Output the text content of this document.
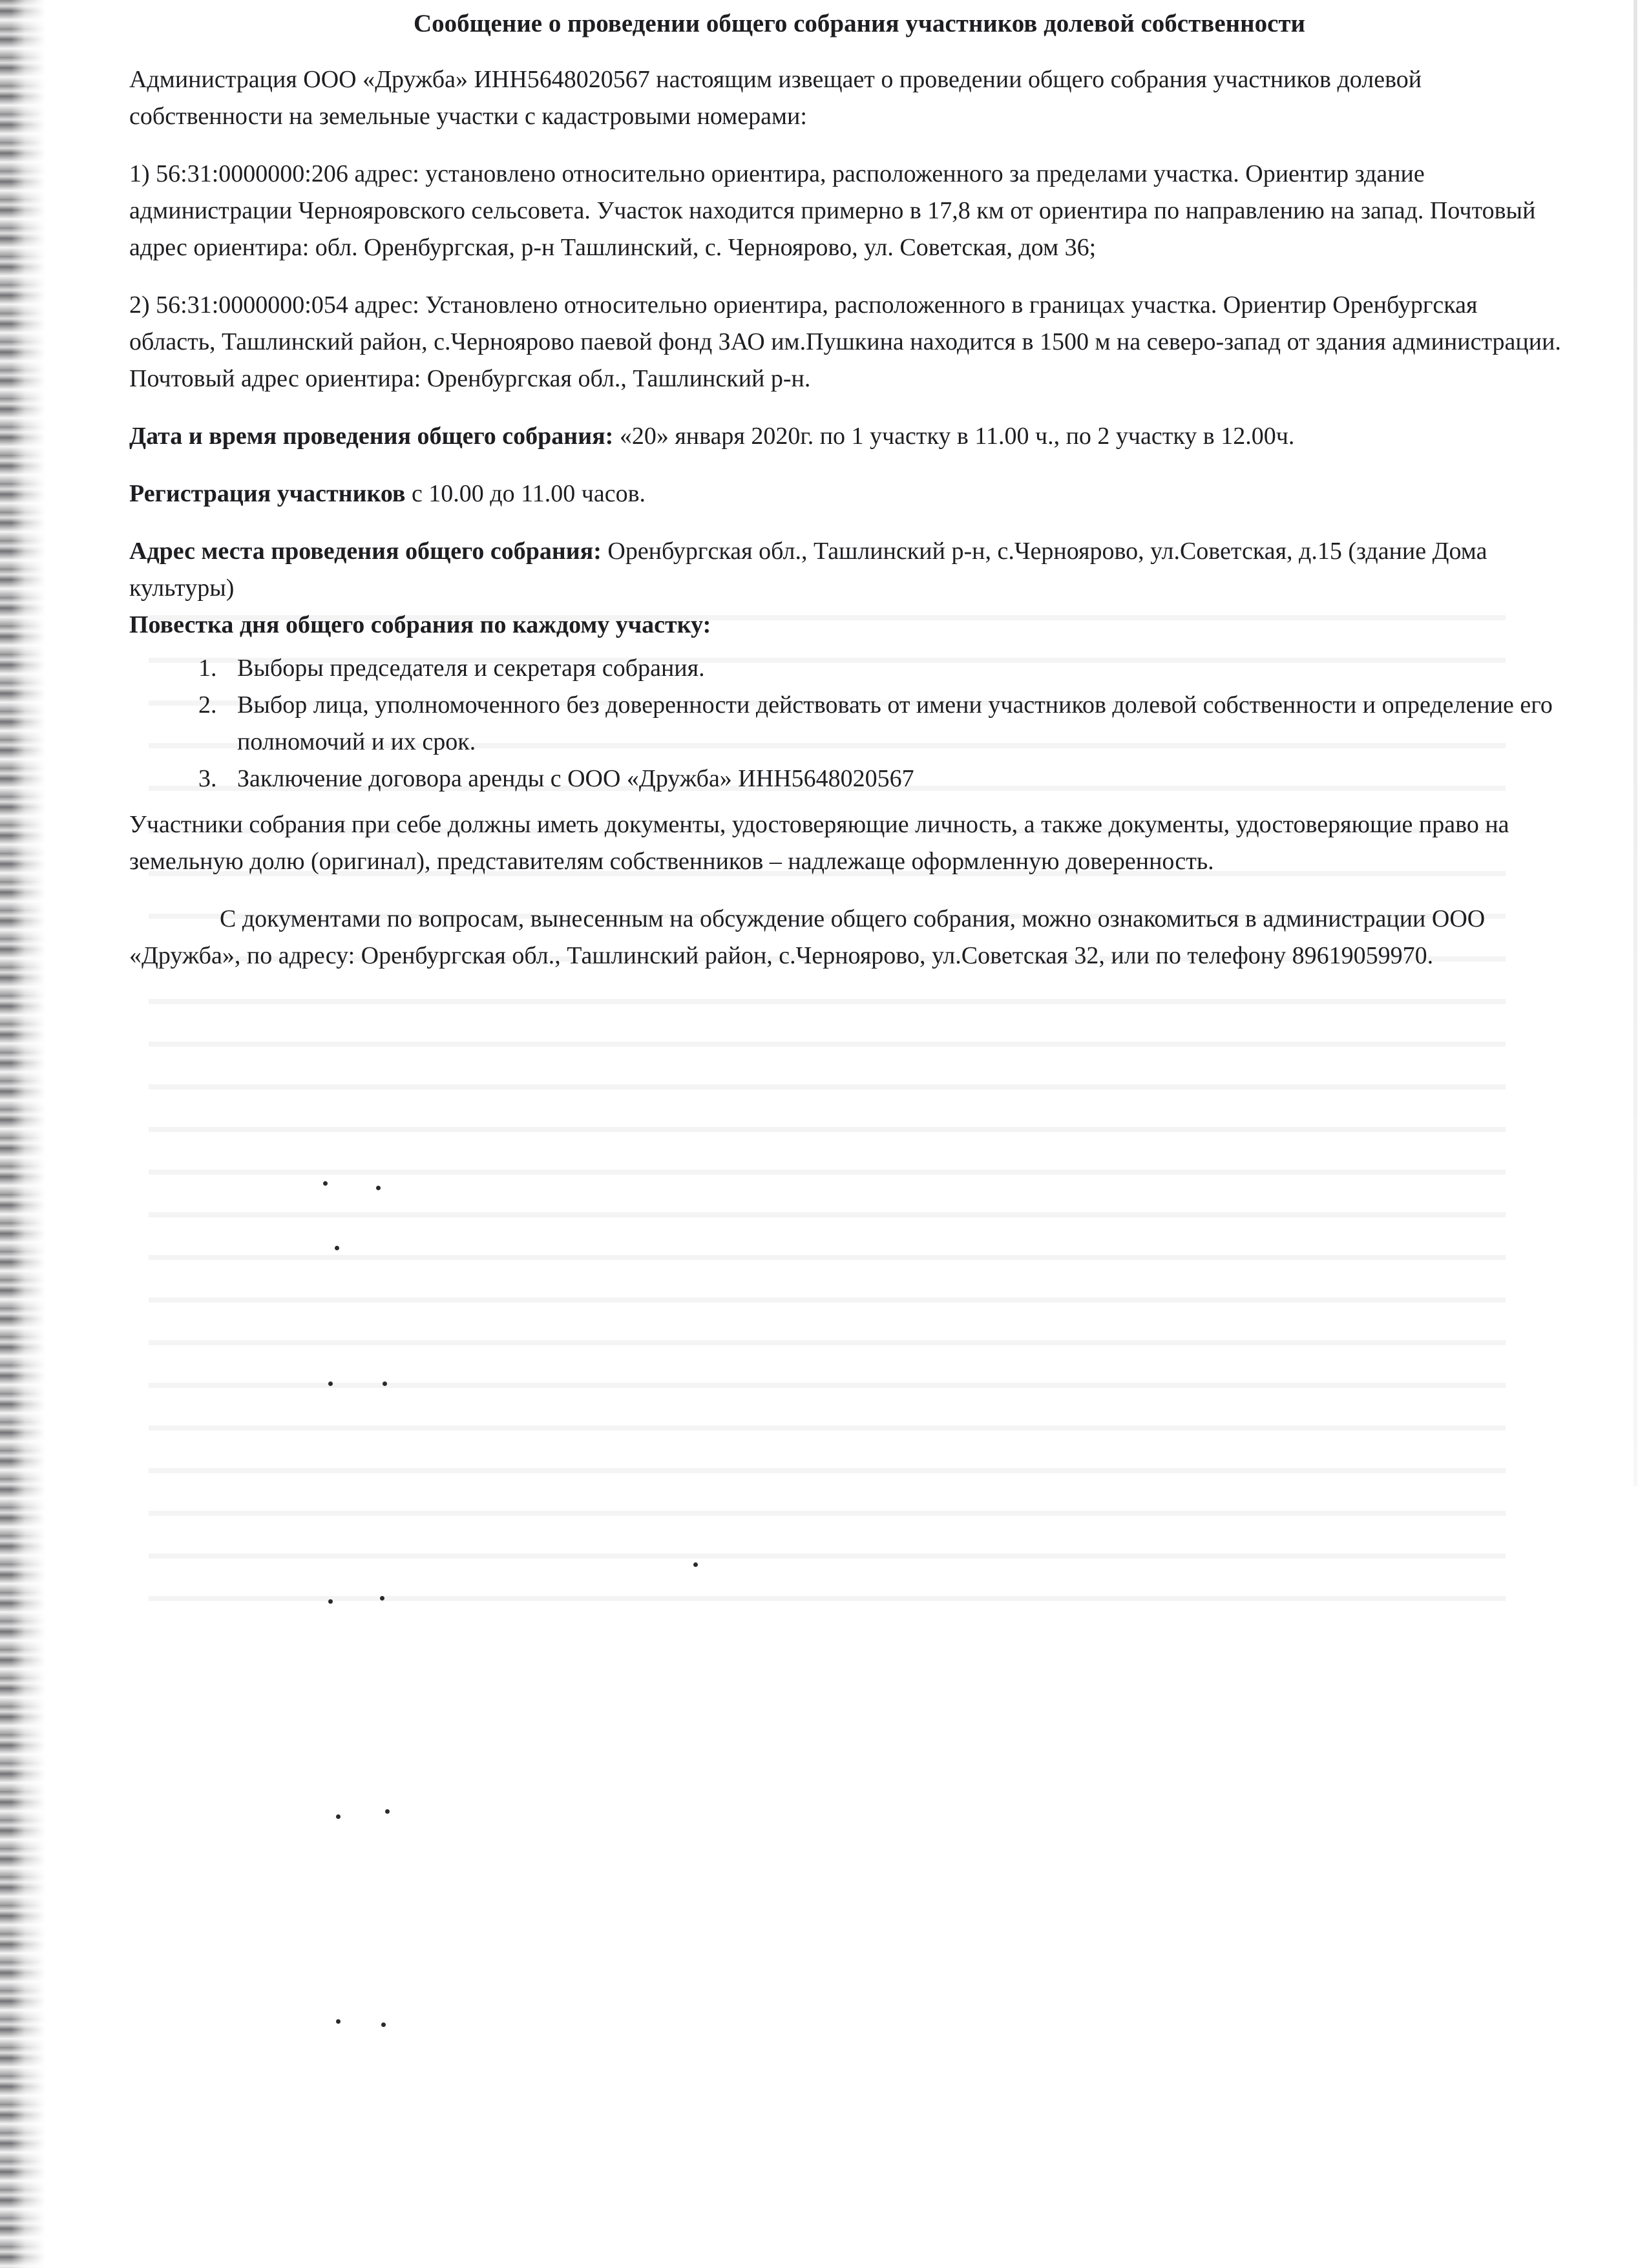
Сообщение о проведении общего собрания участников долевой собственности

Администрация ООО «Дружба» ИНН5648020567 настоящим извещает о проведении общего собрания участников долевой собственности на земельные участки с кадастровыми номерами:

1) 56:31:0000000:206 адрес: установлено относительно ориентира, расположенного за пределами участка. Ориентир здание администрации Чернояровского сельсовета. Участок находится примерно в 17,8 км от ориентира по направлению на запад. Почтовый адрес ориентира: обл. Оренбургская, р-н Ташлинский, с. Черноярово, ул. Советская, дом 36;

2) 56:31:0000000:054 адрес: Установлено относительно ориентира, расположенного в границах участка. Ориентир Оренбургская область, Ташлинский район, с.Черноярово паевой фонд ЗАО им.Пушкина находится в 1500 м на северо-запад от здания администрации. Почтовый адрес ориентира: Оренбургская обл., Ташлинский р-н.

Дата и время проведения общего собрания: «20» января 2020г. по 1 участку в 11.00 ч., по 2 участку в 12.00ч.

Регистрация участников с 10.00 до 11.00 часов.

Адрес места проведения общего собрания: Оренбургская обл., Ташлинский р-н, с.Черноярово, ул.Советская, д.15 (здание Дома культуры)

Повестка дня общего собрания по каждому участку:

1. Выборы председателя и секретаря собрания.
2. Выбор лица, уполномоченного без доверенности действовать от имени участников долевой собственности и определение его полномочий и их срок.
3. Заключение договора аренды с ООО «Дружба» ИНН5648020567

Участники собрания при себе должны иметь документы, удостоверяющие личность, а также документы, удостоверяющие право на земельную долю (оригинал), представителям собственников – надлежаще оформленную доверенность.

С документами по вопросам, вынесенным на обсуждение общего собрания, можно ознакомиться в администрации ООО «Дружба», по адресу: Оренбургская обл., Ташлинский район, с.Черноярово, ул.Советская 32, или по телефону 89619059970.
